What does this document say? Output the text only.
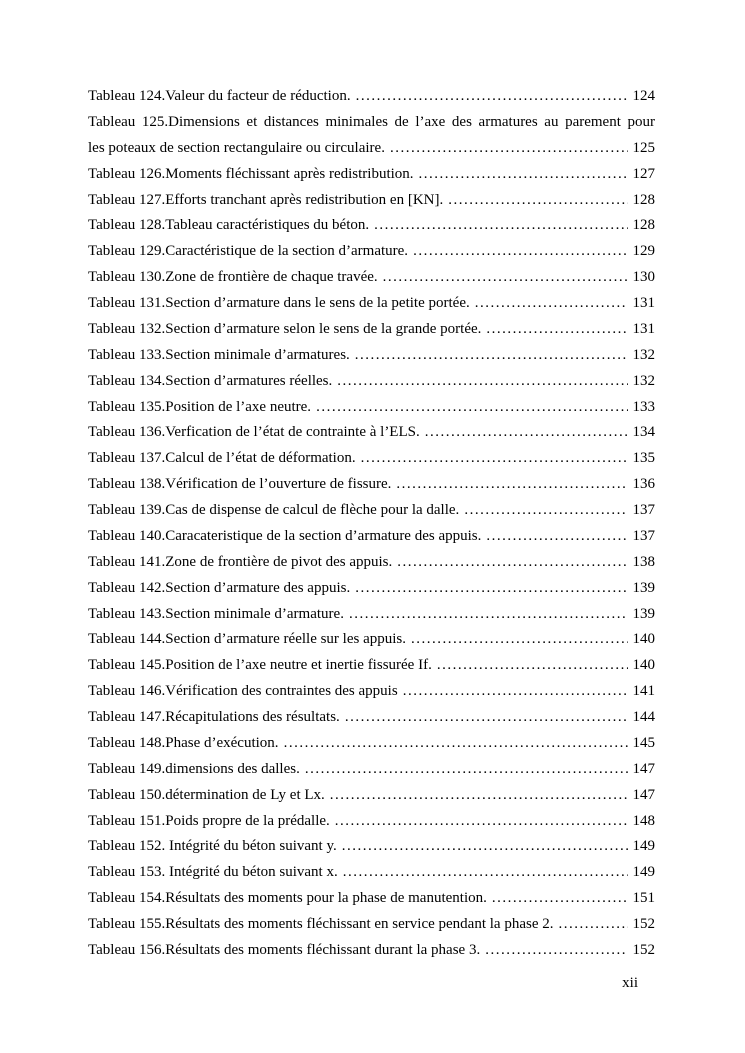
Tableau 124.Valeur du facteur de réduction. .....	124
Tableau 125.Dimensions et distances minimales de l’axe des armatures au parement pour
les poteaux de section rectangulaire ou circulaire. .....	125
Tableau 126.Moments fléchissant après redistribution. .....	127
Tableau 127.Efforts tranchant après redistribution en [KN]. .....	128
Tableau 128.Tableau caractéristiques du béton. .....	128
Tableau 129.Caractéristique de la section d’armature. .....	129
Tableau 130.Zone de frontière de chaque travée. .....	130
Tableau 131.Section d’armature dans le sens de la petite portée. .....	131
Tableau 132.Section d’armature selon le sens de la grande portée. .....	131
Tableau 133.Section minimale d’armatures. .....	132
Tableau 134.Section d’armatures réelles. .....	132
Tableau 135.Position de l’axe neutre. .....	133
Tableau 136.Verfication de l’état de contrainte à l’ELS. .....	134
Tableau 137.Calcul de l’état de déformation. .....	135
Tableau 138.Vérification de l’ouverture de fissure. .....	136
Tableau 139.Cas de dispense de calcul de flèche pour la dalle. .....	137
Tableau 140.Caracateristique de la section d’armature des appuis. .....	137
Tableau 141.Zone de frontière de pivot des appuis. .....	138
Tableau 142.Section d’armature des appuis. .....	139
Tableau 143.Section minimale d’armature. .....	139
Tableau 144.Section d’armature réelle sur les appuis. .....	140
Tableau 145.Position de l’axe neutre et inertie fissurée If. .....	140
Tableau 146.Vérification des contraintes des appuis .....	141
Tableau 147.Récapitulations des résultats. .....	144
Tableau 148.Phase d’exécution. .....	145
Tableau 149.dimensions des dalles. .....	147
Tableau 150.détermination de Ly et Lx. .....	147
Tableau 151.Poids propre de la prédalle. .....	148
Tableau 152. Intégrité du béton suivant y. .....	149
Tableau 153. Intégrité du béton suivant x. .....	149
Tableau 154.Résultats des moments pour la phase de manutention. .....	151
Tableau 155.Résultats des moments fléchissant en service pendant la phase 2. .....	152
Tableau 156.Résultats des moments fléchissant durant la phase 3. .....	152
xii
